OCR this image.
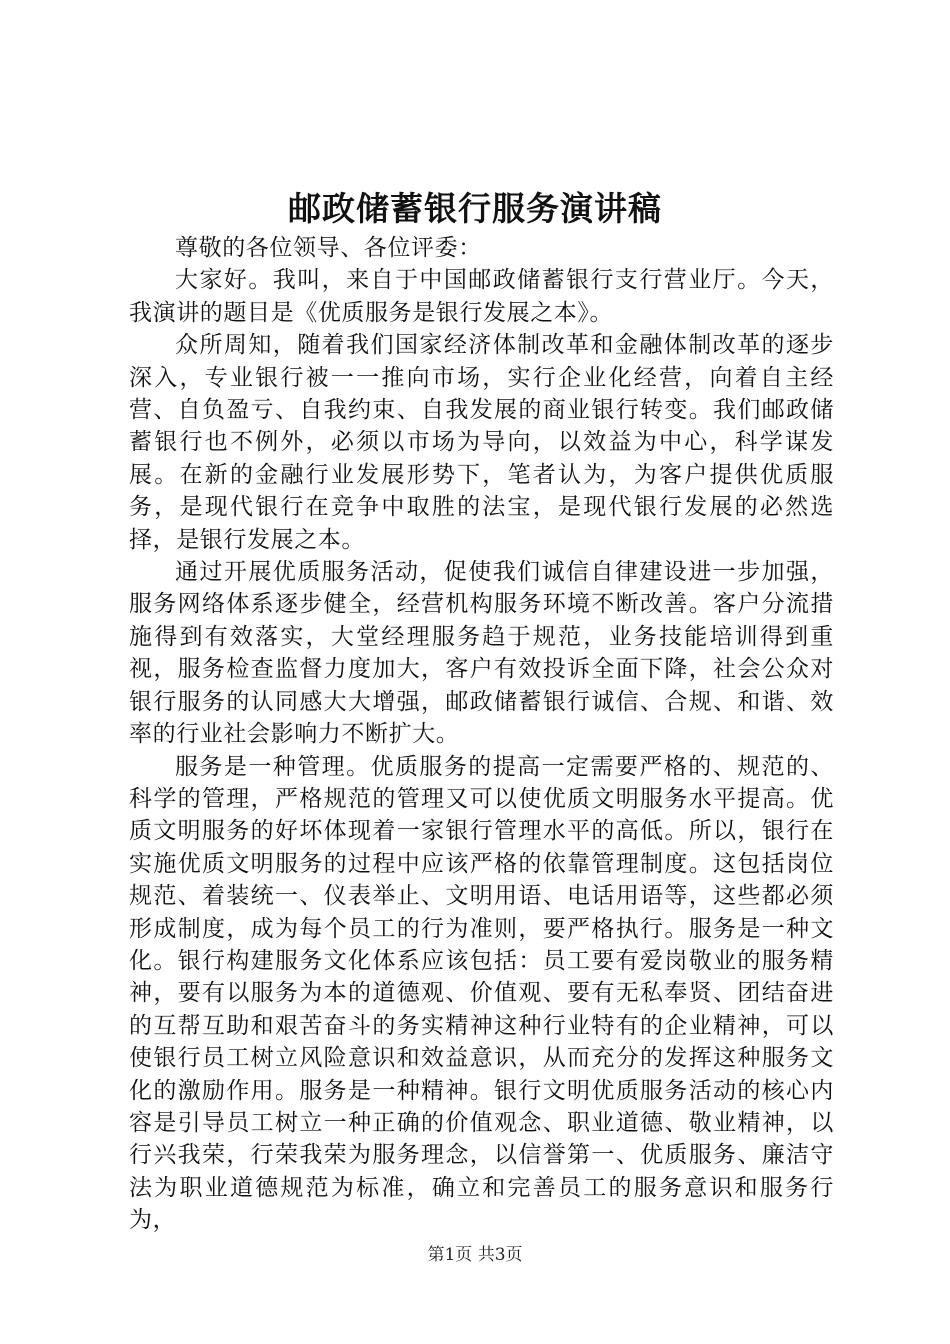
邮政储蓄银行服务演讲稿

尊敬的各位领导、各位评委：

大家好。我叫，来自于中国邮政储蓄银行支行营业厅。今天，我演讲的题目是《优质服务是银行发展之本》。

众所周知，随着我们国家经济体制改革和金融体制改革的逐步深入，专业银行被一一推向市场，实行企业化经营，向着自主经营、自负盈亏、自我约束、自我发展的商业银行转变。我们邮政储蓄银行也不例外，必须以市场为导向，以效益为中心，科学谋发展。在新的金融行业发展形势下，笔者认为，为客户提供优质服务，是现代银行在竞争中取胜的法宝，是现代银行发展的必然选择，是银行发展之本。

通过开展优质服务活动，促使我们诚信自律建设进一步加强，服务网络体系逐步健全，经营机构服务环境不断改善。客户分流措施得到有效落实，大堂经理服务趋于规范，业务技能培训得到重视，服务检查监督力度加大，客户有效投诉全面下降，社会公众对银行服务的认同感大大增强，邮政储蓄银行诚信、合规、和谐、效率的行业社会影响力不断扩大。

服务是一种管理。优质服务的提高一定需要严格的、规范的、科学的管理，严格规范的管理又可以使优质文明服务水平提高。优质文明服务的好坏体现着一家银行管理水平的高低。所以，银行在实施优质文明服务的过程中应该严格的依靠管理制度。这包括岗位规范、着装统一、仪表举止、文明用语、电话用语等，这些都必须形成制度，成为每个员工的行为准则，要严格执行。服务是一种文化。银行构建服务文化体系应该包括：员工要有爱岗敬业的服务精神，要有以服务为本的道德观、价值观、要有无私奉贤、团结奋进的互帮互助和艰苦奋斗的务实精神这种行业特有的企业精神，可以使银行员工树立风险意识和效益意识，从而充分的发挥这种服务文化的激励作用。服务是一种精神。银行文明优质服务活动的核心内容是引导员工树立一种正确的价值观念、职业道德、敬业精神，以行兴我荣，行荣我荣为服务理念，以信誉第一、优质服务、廉洁守法为职业道德规范为标准，确立和完善员工的服务意识和服务行为，

第1页 共3页
